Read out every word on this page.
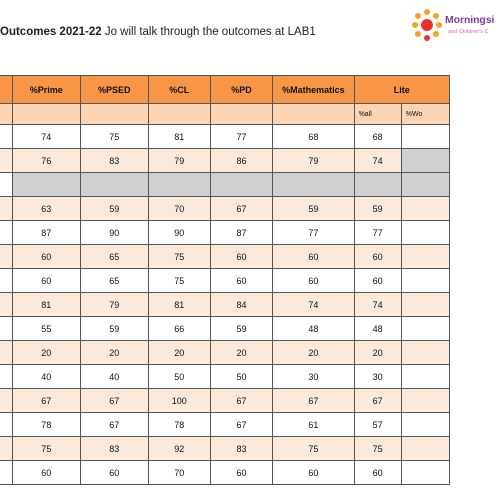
Outcomes 2021-22 Jo will talk through the outcomes at LAB1
Morningsi
and Children's C
	%Prime	%PSED	%CL	%PD	%Mathematics	Lite	
						%all	%Wo
	74	75	81	77	68	68	
	76	83	79	86	79	74	

	63	59	70	67	59	59	
	87	90	90	87	77	77	
	60	65	75	60	60	60	
	60	65	75	60	60	60	
	81	79	81	84	74	74	
	55	59	66	59	48	48	
	20	20	20	20	20	20	
	40	40	50	50	30	30	
	67	67	100	67	67	67	
	78	67	78	67	61	57	
	75	83	92	83	75	75	
	60	60	70	60	60	60	
